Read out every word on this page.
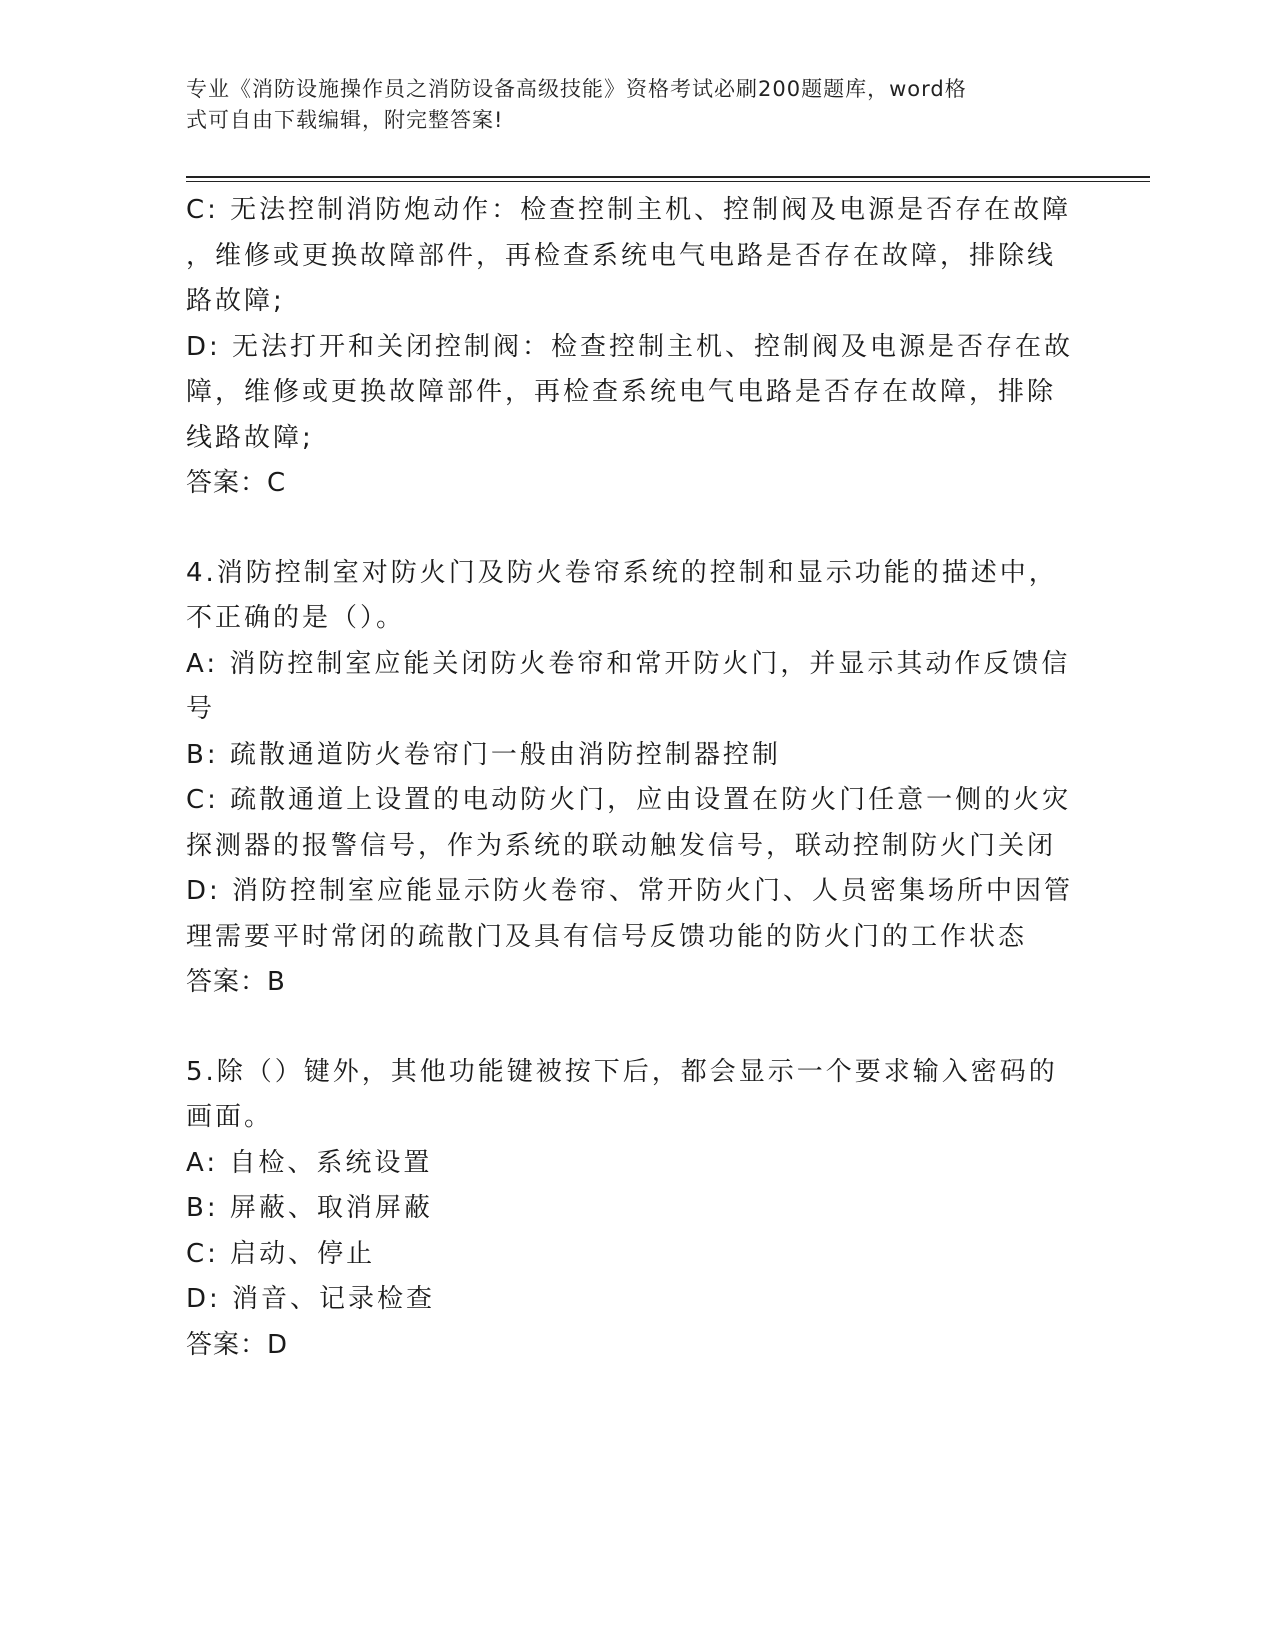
专业《消防设施操作员之消防设备高级技能》资格考试必刷200题题库，word格
式可自由下载编辑，附完整答案!
C: 无法控制消防炮动作：检查控制主机、控制阀及电源是否存在故障
，维修或更换故障部件，再检查系统电气电路是否存在故障，排除线
路故障;
D: 无法打开和关闭控制阀：检查控制主机、控制阀及电源是否存在故
障，维修或更换故障部件，再检查系统电气电路是否存在故障，排除
线路故障;
答案：C
4.消防控制室对防火门及防火卷帘系统的控制和显示功能的描述中，
不正确的是（）。
A: 消防控制室应能关闭防火卷帘和常开防火门，并显示其动作反馈信
号
B: 疏散通道防火卷帘门一般由消防控制器控制
C: 疏散通道上设置的电动防火门，应由设置在防火门任意一侧的火灾
探测器的报警信号，作为系统的联动触发信号，联动控制防火门关闭
D: 消防控制室应能显示防火卷帘、常开防火门、人员密集场所中因管
理需要平时常闭的疏散门及具有信号反馈功能的防火门的工作状态
答案：B
5.除（）键外，其他功能键被按下后，都会显示一个要求输入密码的
画面。
A: 自检、系统设置
B: 屏蔽、取消屏蔽
C: 启动、停止
D: 消音、记录检查
答案：D
